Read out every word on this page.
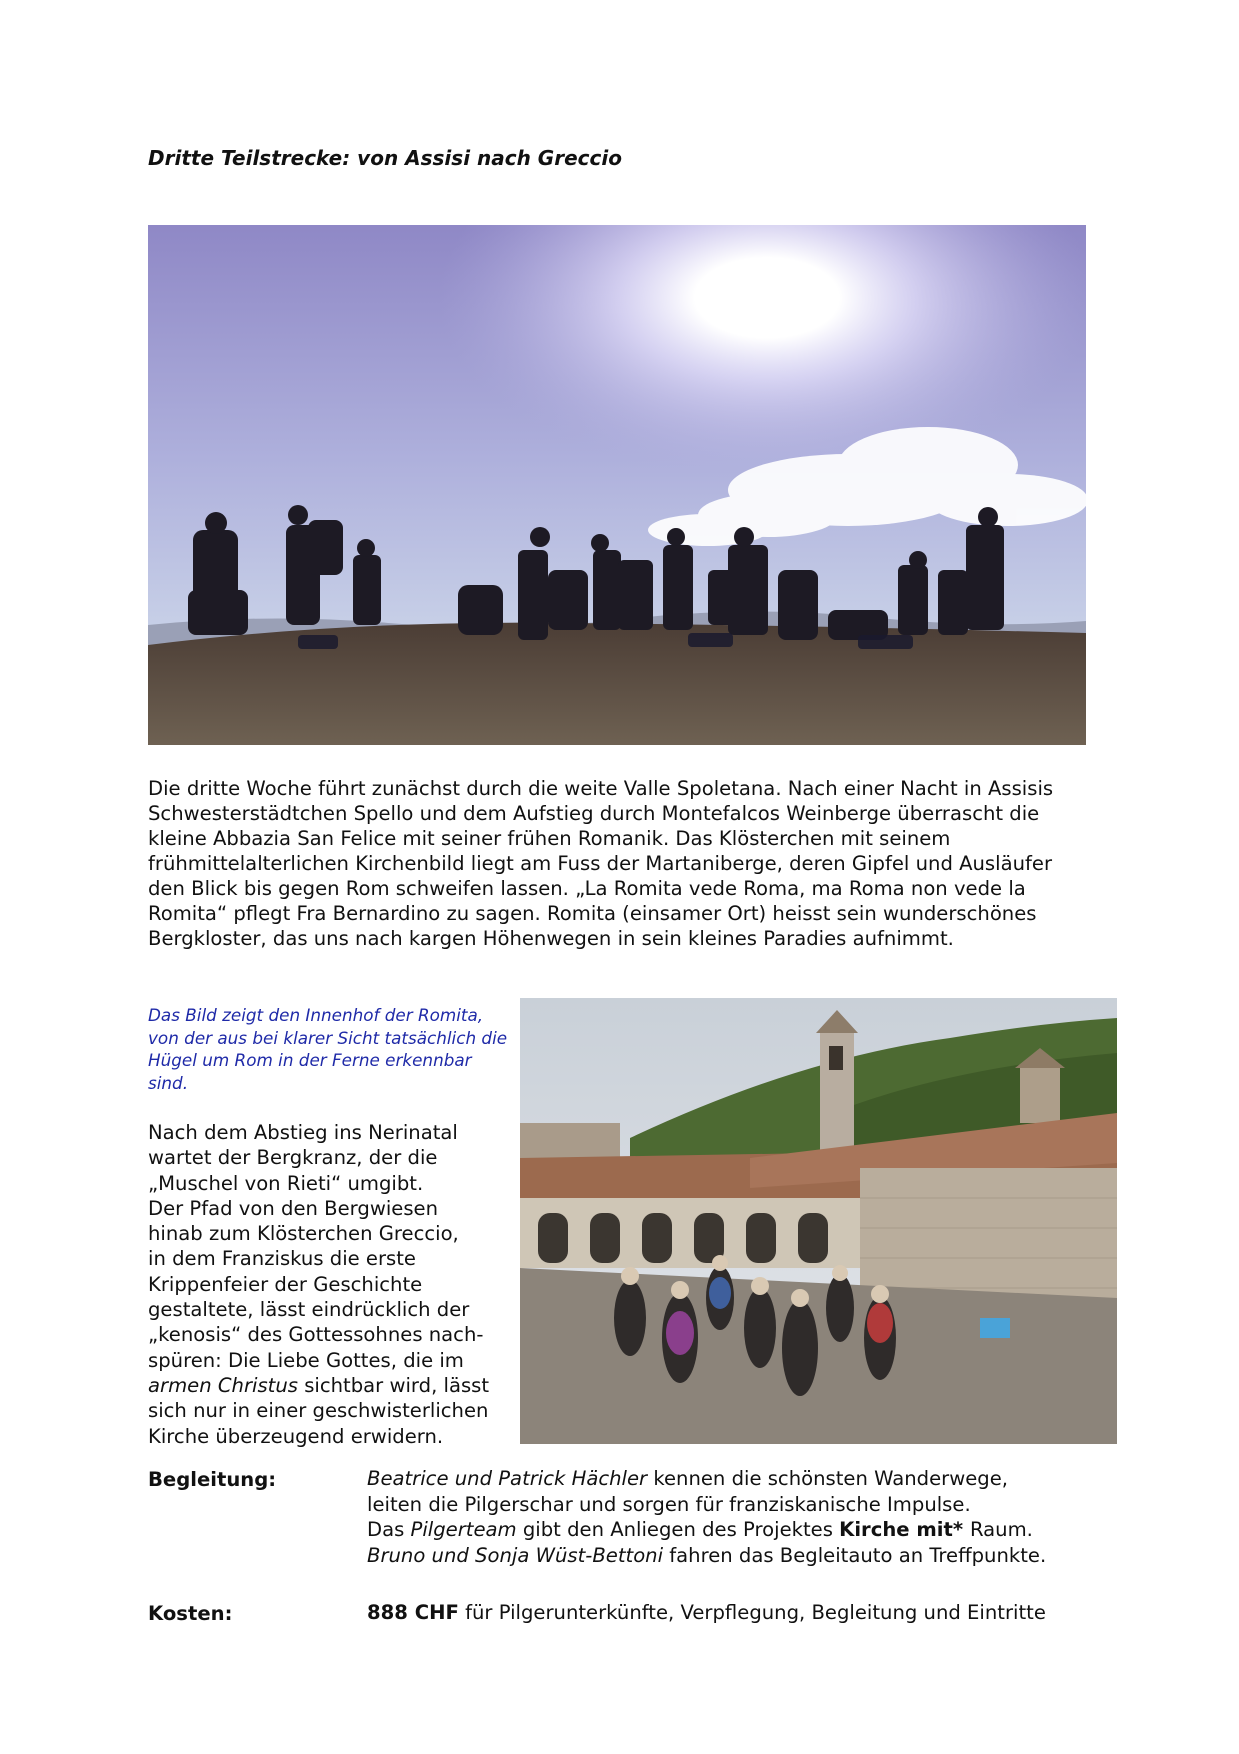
Dritte Teilstrecke: von Assisi nach Greccio

Die dritte Woche führt zunächst durch die weite Valle Spoletana. Nach einer Nacht in Assisis Schwesterstädtchen Spello und dem Aufstieg durch Montefalcos Weinberge überrascht die kleine Abbazia San Felice mit seiner frühen Romanik. Das Klösterchen mit seinem frühmittelalterlichen Kirchenbild liegt am Fuss der Martaniberge, deren Gipfel und Ausläufer den Blick bis gegen Rom schweifen lassen. „La Romita vede Roma, ma Roma non vede la Romita“ pflegt Fra Bernardino zu sagen. Romita (einsamer Ort) heisst sein wunderschönes Bergkloster, das uns nach kargen Höhenwegen in sein kleines Paradies aufnimmt.

Das Bild zeigt den Innenhof der Romita, von der aus bei klarer Sicht tatsächlich die Hügel um Rom in der Ferne erkennbar sind.

Nach dem Abstieg ins Nerinatal
wartet der Bergkranz, der die
„Muschel von Rieti“ umgibt.
Der Pfad von den Bergwiesen
hinab zum Klösterchen Greccio,
in dem Franziskus die erste
Krippenfeier der Geschichte
gestaltete, lässt eindrücklich der
„kenosis“ des Gottessohnes nach-
spüren: Die Liebe Gottes, die im
armen Christus sichtbar wird, lässt
sich nur in einer geschwisterlichen
Kirche überzeugend erwidern.

Begleitung:	Beatrice und Patrick Hächler kennen die schönsten Wanderwege,
leiten die Pilgerschar und sorgen für franziskanische Impulse.
Das Pilgerteam gibt den Anliegen des Projektes Kirche mit* Raum.
Bruno und Sonja Wüst-Bettoni fahren das Begleitauto an Treffpunkte.

Kosten:	888 CHF für Pilgerunterkünfte, Verpflegung, Begleitung und Eintritte
